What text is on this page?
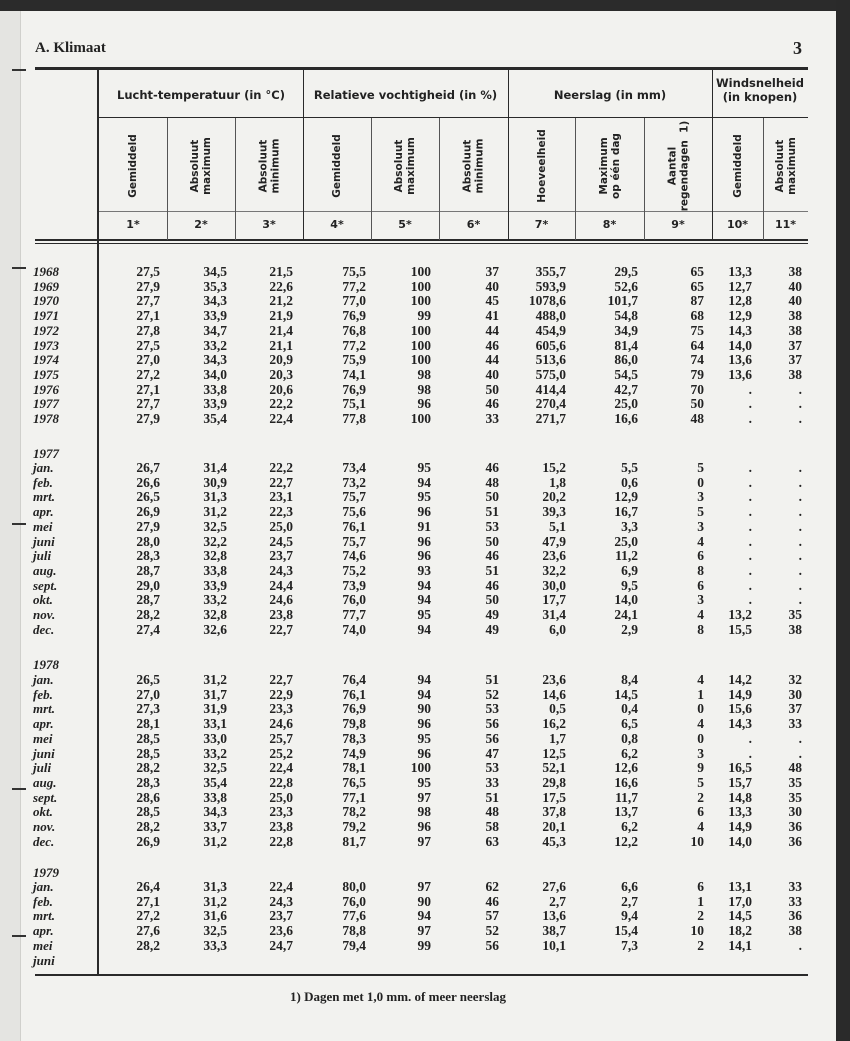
A. Klimaat	3
Lucht-temperatuur (in °C)	Relatieve vochtigheid (in %)	Neerslag (in mm)
Windsnelheid
(in knopen)
Gemiddeld
1*
Absoluut
maximum
2*
Absoluut
minimum
3*
Gemiddeld
4*
Absoluut
maximum
5*
Absoluut
minimum
6*
Hoeveelheid
7*
Maximum
op één dag
8*
Aantal
regendagen  1)
9*
Gemiddeld
10*
Absoluut
maximum
11*
1968	27,5	34,5	21,5	75,5	100	37	355,7	29,5	65	13,3	38
1969	27,9	35,3	22,6	77,2	100	40	593,9	52,6	65	12,7	40
1970	27,7	34,3	21,2	77,0	100	45	1078,6	101,7	87	12,8	40
1971	27,1	33,9	21,9	76,9	99	41	488,0	54,8	68	12,9	38
1972	27,8	34,7	21,4	76,8	100	44	454,9	34,9	75	14,3	38
1973	27,5	33,2	21,1	77,2	100	46	605,6	81,4	64	14,0	37
1974	27,0	34,3	20,9	75,9	100	44	513,6	86,0	74	13,6	37
1975	27,2	34,0	20,3	74,1	98	40	575,0	54,5	79	13,6	38
1976	27,1	33,8	20,6	76,9	98	50	414,4	42,7	70	.	.
1977	27,7	33,9	22,2	75,1	96	46	270,4	25,0	50	.	.
1978	27,9	35,4	22,4	77,8	100	33	271,7	16,6	48	.	.
1977
jan.	26,7	31,4	22,2	73,4	95	46	15,2	5,5	5	.	.
feb.	26,6	30,9	22,7	73,2	94	48	1,8	0,6	0	.	.
mrt.	26,5	31,3	23,1	75,7	95	50	20,2	12,9	3	.	.
apr.	26,9	31,2	22,3	75,6	96	51	39,3	16,7	5	.	.
mei	27,9	32,5	25,0	76,1	91	53	5,1	3,3	3	.	.
juni	28,0	32,2	24,5	75,7	96	50	47,9	25,0	4	.	.
juli	28,3	32,8	23,7	74,6	96	46	23,6	11,2	6	.	.
aug.	28,7	33,8	24,3	75,2	93	51	32,2	6,9	8	.	.
sept.	29,0	33,9	24,4	73,9	94	46	30,0	9,5	6	.	.
okt.	28,7	33,2	24,6	76,0	94	50	17,7	14,0	3	.	.
nov.	28,2	32,8	23,8	77,7	95	49	31,4	24,1	4	13,2	35
dec.	27,4	32,6	22,7	74,0	94	49	6,0	2,9	8	15,5	38
1978
jan.	26,5	31,2	22,7	76,4	94	51	23,6	8,4	4	14,2	32
feb.	27,0	31,7	22,9	76,1	94	52	14,6	14,5	1	14,9	30
mrt.	27,3	31,9	23,3	76,9	90	53	0,5	0,4	0	15,6	37
apr.	28,1	33,1	24,6	79,8	96	56	16,2	6,5	4	14,3	33
mei	28,5	33,0	25,7	78,3	95	56	1,7	0,8	0	.	.
juni	28,5	33,2	25,2	74,9	96	47	12,5	6,2	3	.	.
juli	28,2	32,5	22,4	78,1	100	53	52,1	12,6	9	16,5	48
aug.	28,3	35,4	22,8	76,5	95	33	29,8	16,6	5	15,7	35
sept.	28,6	33,8	25,0	77,1	97	51	17,5	11,7	2	14,8	35
okt.	28,5	34,3	23,3	78,2	98	48	37,8	13,7	6	13,3	30
nov.	28,2	33,7	23,8	79,2	96	58	20,1	6,2	4	14,9	36
dec.	26,9	31,2	22,8	81,7	97	63	45,3	12,2	10	14,0	36
1979
jan.	26,4	31,3	22,4	80,0	97	62	27,6	6,6	6	13,1	33
feb.	27,1	31,2	24,3	76,0	90	46	2,7	2,7	1	17,0	33
mrt.	27,2	31,6	23,7	77,6	94	57	13,6	9,4	2	14,5	36
apr.	27,6	32,5	23,6	78,8	97	52	38,7	15,4	10	18,2	38
mei	28,2	33,3	24,7	79,4	99	56	10,1	7,3	2	14,1	.
juni
1) Dagen met 1,0 mm. of meer neerslag
